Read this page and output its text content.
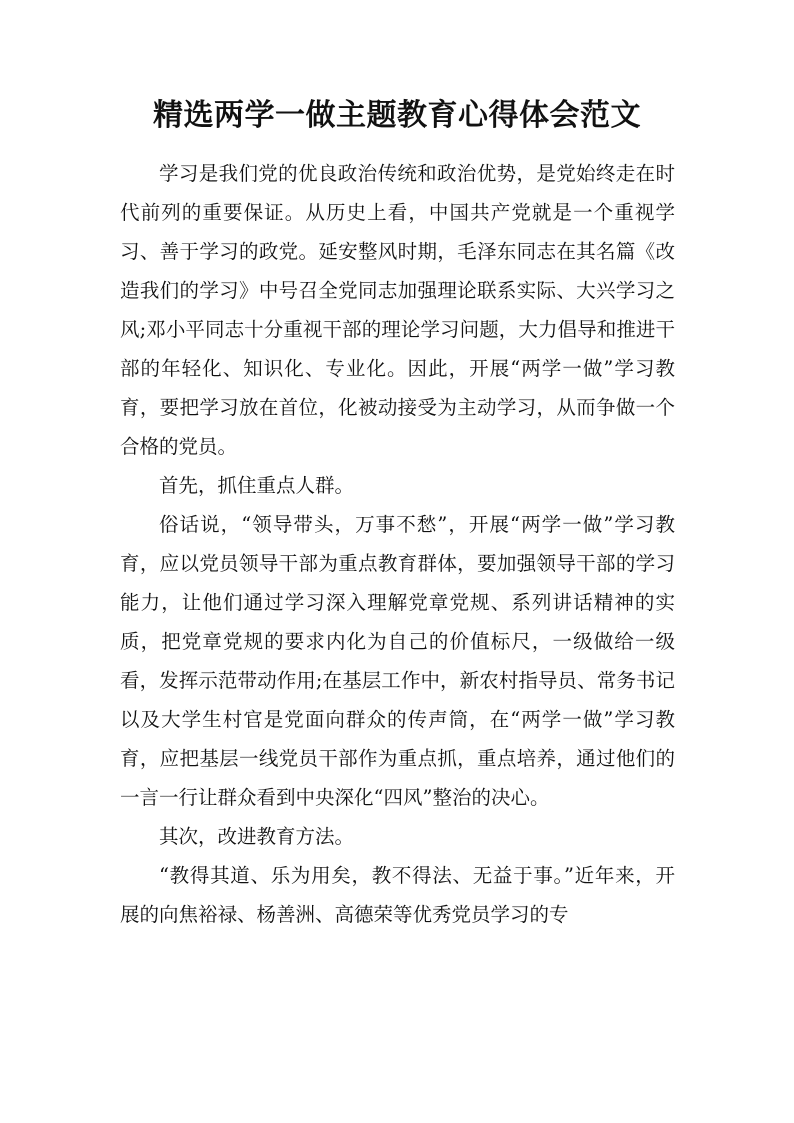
精选两学一做主题教育心得体会范文

学习是我们党的优良政治传统和政治优势，是党始终走在时代前列的重要保证。从历史上看，中国共产党就是一个重视学习、善于学习的政党。延安整风时期，毛泽东同志在其名篇《改造我们的学习》中号召全党同志加强理论联系实际、大兴学习之风;邓小平同志十分重视干部的理论学习问题，大力倡导和推进干部的年轻化、知识化、专业化。因此，开展“两学一做”学习教育，要把学习放在首位，化被动接受为主动学习，从而争做一个合格的党员。

首先，抓住重点人群。

俗话说，“领导带头，万事不愁”，开展“两学一做”学习教育，应以党员领导干部为重点教育群体，要加强领导干部的学习能力，让他们通过学习深入理解党章党规、系列讲话精神的实质，把党章党规的要求内化为自己的价值标尺，一级做给一级看，发挥示范带动作用;在基层工作中，新农村指导员、常务书记以及大学生村官是党面向群众的传声筒，在“两学一做”学习教育，应把基层一线党员干部作为重点抓，重点培养，通过他们的一言一行让群众看到中央深化“四风”整治的决心。

其次，改进教育方法。

“教得其道、乐为用矣，教不得法、无益于事。”近年来，开展的向焦裕禄、杨善洲、高德荣等优秀党员学习的专
